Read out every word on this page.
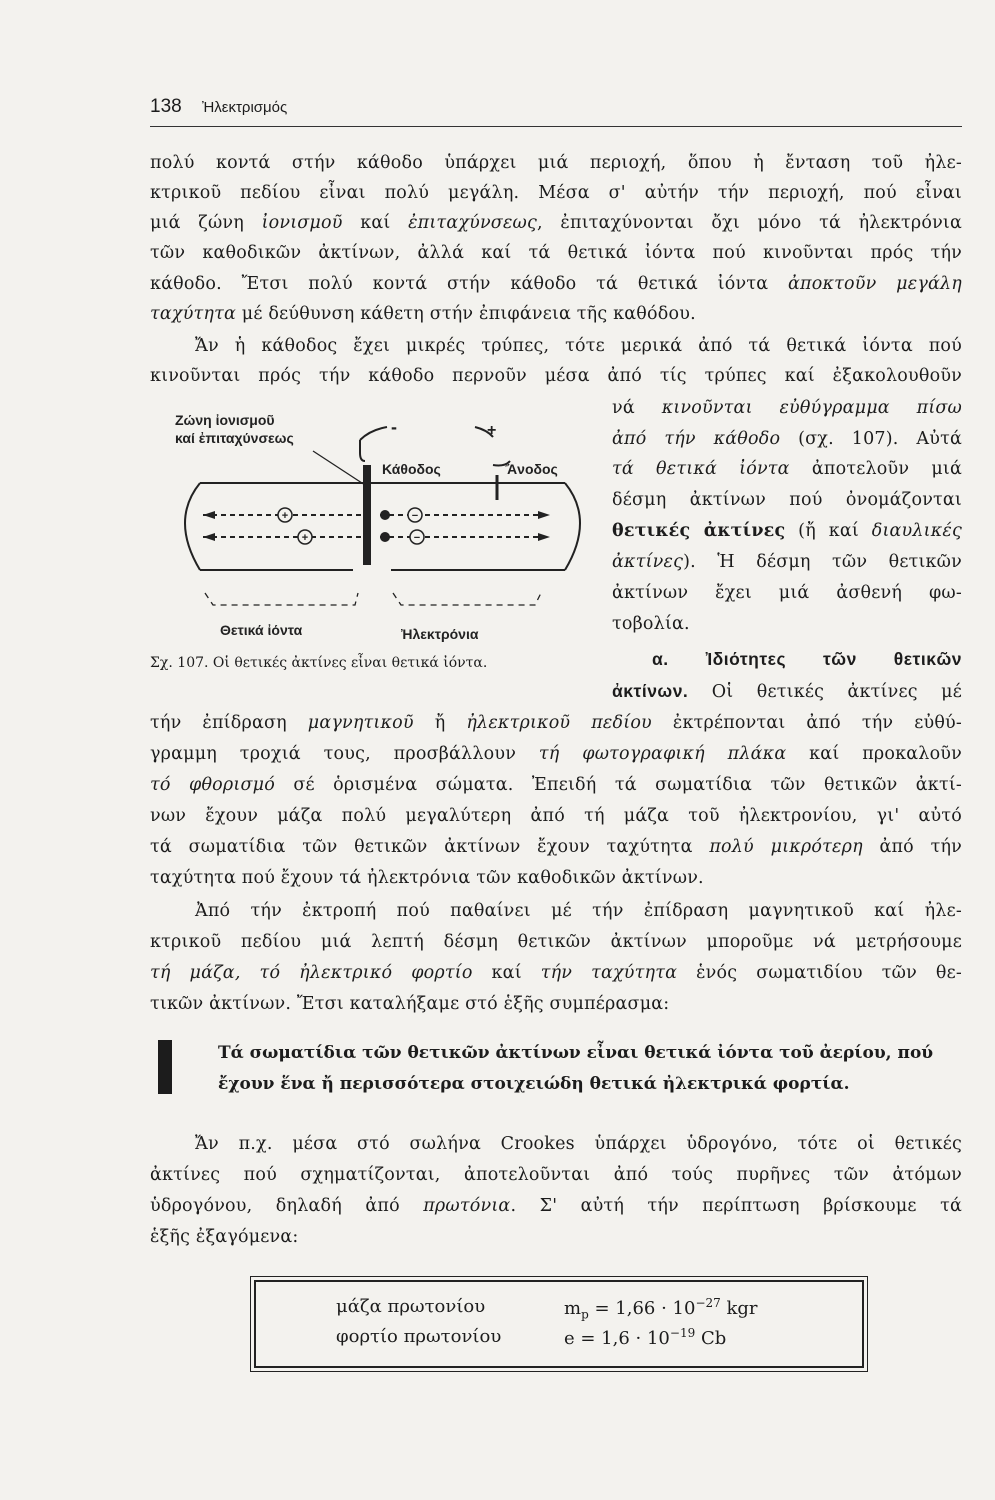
138 Ἠλεκτρισμός
πολύ κοντά στήν κάθοδο ὑπάρχει μιά περιοχή, ὅπου ἡ ἔνταση τοῦ ἠλε-
κτρικοῦ πεδίου εἶναι πολύ μεγάλη. Μέσα σ' αὐτήν τήν περιοχή, πού εἶναι
μιά ζώνη ἰονισμοῦ καί ἐπιταχύνσεως, ἐπιταχύνονται ὄχι μόνο τά ἠλεκτρόνια
τῶν καθοδικῶν ἀκτίνων, ἀλλά καί τά θετικά ἰόντα πού κινοῦνται πρός τήν
κάθοδο. Ἔτσι πολύ κοντά στήν κάθοδο τά θετικά ἰόντα ἀποκτοῦν μεγάλη
ταχύτητα μέ δεύθυνση κάθετη στήν ἐπιφάνεια τῆς καθόδου.
Ἄν ἡ κάθοδος ἔχει μικρές τρύπες, τότε μερικά ἀπό τά θετικά ἰόντα πού
κινοῦνται πρός τήν κάθοδο περνοῦν μέσα ἀπό τίς τρύπες καί ἐξακολουθοῦν
νά κινοῦνται εὐθύγραμμα πίσω
ἀπό τήν κάθοδο (σχ. 107). Αὐτά
τά θετικά ἰόντα ἀποτελοῦν μιά
δέσμη ἀκτίνων πού ὀνομάζονται
θετικές ἀκτίνες (ἤ καί διαυλικές
ἀκτίνες). Ἡ δέσμη τῶν θετικῶν
ἀκτίνων ἔχει μιά ἀσθενή φω-
τοβολία.
α. Ἰδιότητες τῶν θετικῶν
+
+
−
−
Ζώνη ἰονισμοῦ
καί ἐπιταχύνσεως
-	+
Κάθοδος	Ἄνοδος
Θετικά ἰόντα	Ἠλεκτρόνια
Σχ. 107. Οἱ θετικές ἀκτίνες εἶναι θετικά ἰόντα.
ἀκτίνων. Οἱ θετικές ἀκτίνες μέ
τήν ἐπίδραση μαγνητικοῦ ἤ ἠλεκτρικοῦ πεδίου ἐκτρέπονται ἀπό τήν εὐθύ-
γραμμη τροχιά τους, προσβάλλουν τή φωτογραφική πλάκα καί προκαλοῦν
τό φθορισμό σέ ὁρισμένα σώματα. Ἐπειδή τά σωματίδια τῶν θετικῶν ἀκτί-
νων ἔχουν μάζα πολύ μεγαλύτερη ἀπό τή μάζα τοῦ ἠλεκτρονίου, γι' αὐτό
τά σωματίδια τῶν θετικῶν ἀκτίνων ἔχουν ταχύτητα πολύ μικρότερη ἀπό τήν
ταχύτητα πού ἔχουν τά ἠλεκτρόνια τῶν καθοδικῶν ἀκτίνων.
Ἀπό τήν ἐκτροπή πού παθαίνει μέ τήν ἐπίδραση μαγνητικοῦ καί ἠλε-
κτρικοῦ πεδίου μιά λεπτή δέσμη θετικῶν ἀκτίνων μποροῦμε νά μετρήσουμε
τή μάζα, τό ἠλεκτρικό φορτίο καί τήν ταχύτητα ἑνός σωματιδίου τῶν θε-
τικῶν ἀκτίνων. Ἔτσι καταλήξαμε στό ἑξῆς συμπέρασμα:
Τά σωματίδια τῶν θετικῶν ἀκτίνων εἶναι θετικά ἰόντα τοῦ ἀερίου, πού
ἔχουν ἕνα ἤ περισσότερα στοιχειώδη θετικά ἠλεκτρικά φορτία.
Ἄν π.χ. μέσα στό σωλήνα Crookes ὑπάρχει ὑδρογόνο, τότε οἱ θετικές
ἀκτίνες πού σχηματίζονται, ἀποτελοῦνται ἀπό τούς πυρῆνες τῶν ἀτόμων
ὑδρογόνου, δηλαδή ἀπό πρωτόνια. Σ' αὐτή τήν περίπτωση βρίσκουμε τά
ἑξῆς ἐξαγόμενα:
μάζα πρωτονίου	$m_p = 1,66 \cdot 10^{-27}$ kgr
φορτίο πρωτονίου	$e = 1,6 \cdot 10^{-19}$ Cb
